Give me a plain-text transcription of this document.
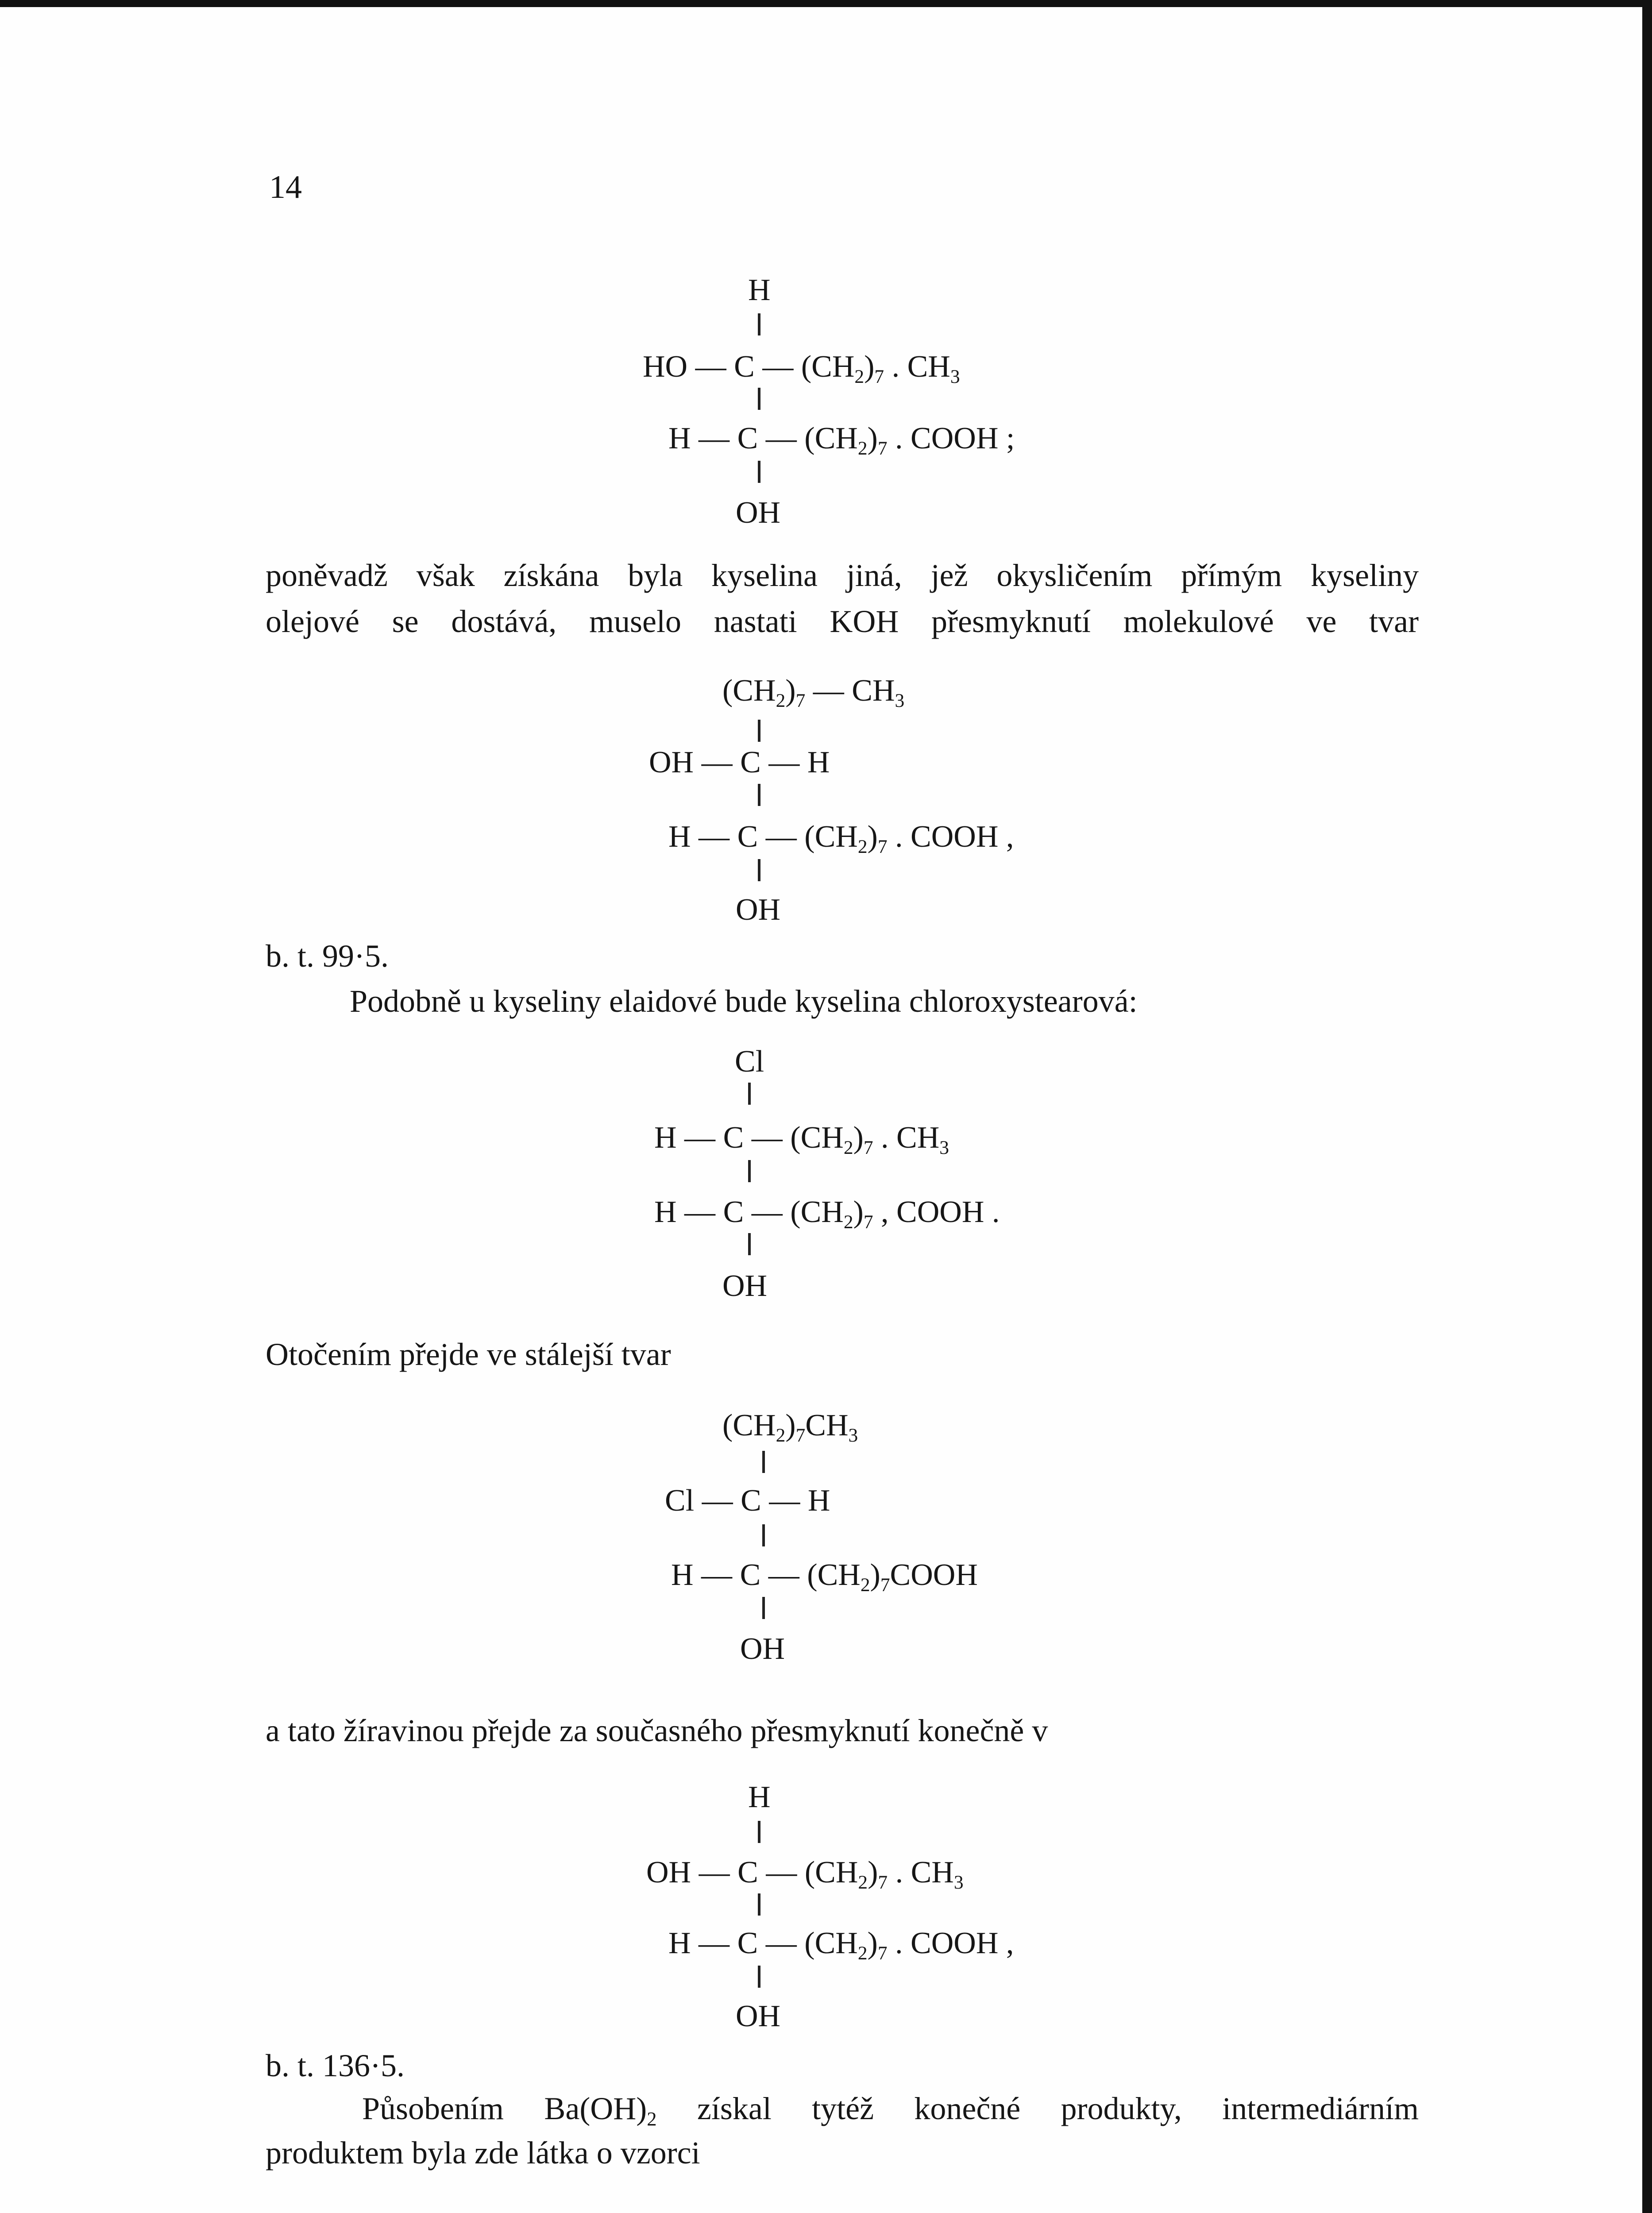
14
H
HO — C — (CH2)7 . CH3
H — C — (CH2)7 . COOH ;
OH
poněvadž však získána byla kyselina jiná, jež okysličením přímým kyseliny
olejové se dostává, muselo nastati KOH přesmyknutí molekulové ve tvar
(CH2)7 — CH3
OH — C — H
H — C — (CH2)7 . COOH ,
OH
b. t. 99·5.
Podobně u kyseliny elaidové bude kyselina chloroxystearová:
Cl
H — C — (CH2)7 . CH3
H — C — (CH2)7 , COOH .
OH
Otočením přejde ve stálejší tvar
(CH2)7CH3
Cl — C — H
H — C — (CH2)7COOH
OH
a tato žíravinou přejde za současného přesmyknutí konečně v
H
OH — C — (CH2)7 . CH3
H — C — (CH2)7 . COOH ,
OH
b. t. 136·5.
Působením Ba(OH)2 získal tytéž konečné produkty, intermediárním
produktem byla zde látka o vzorci
